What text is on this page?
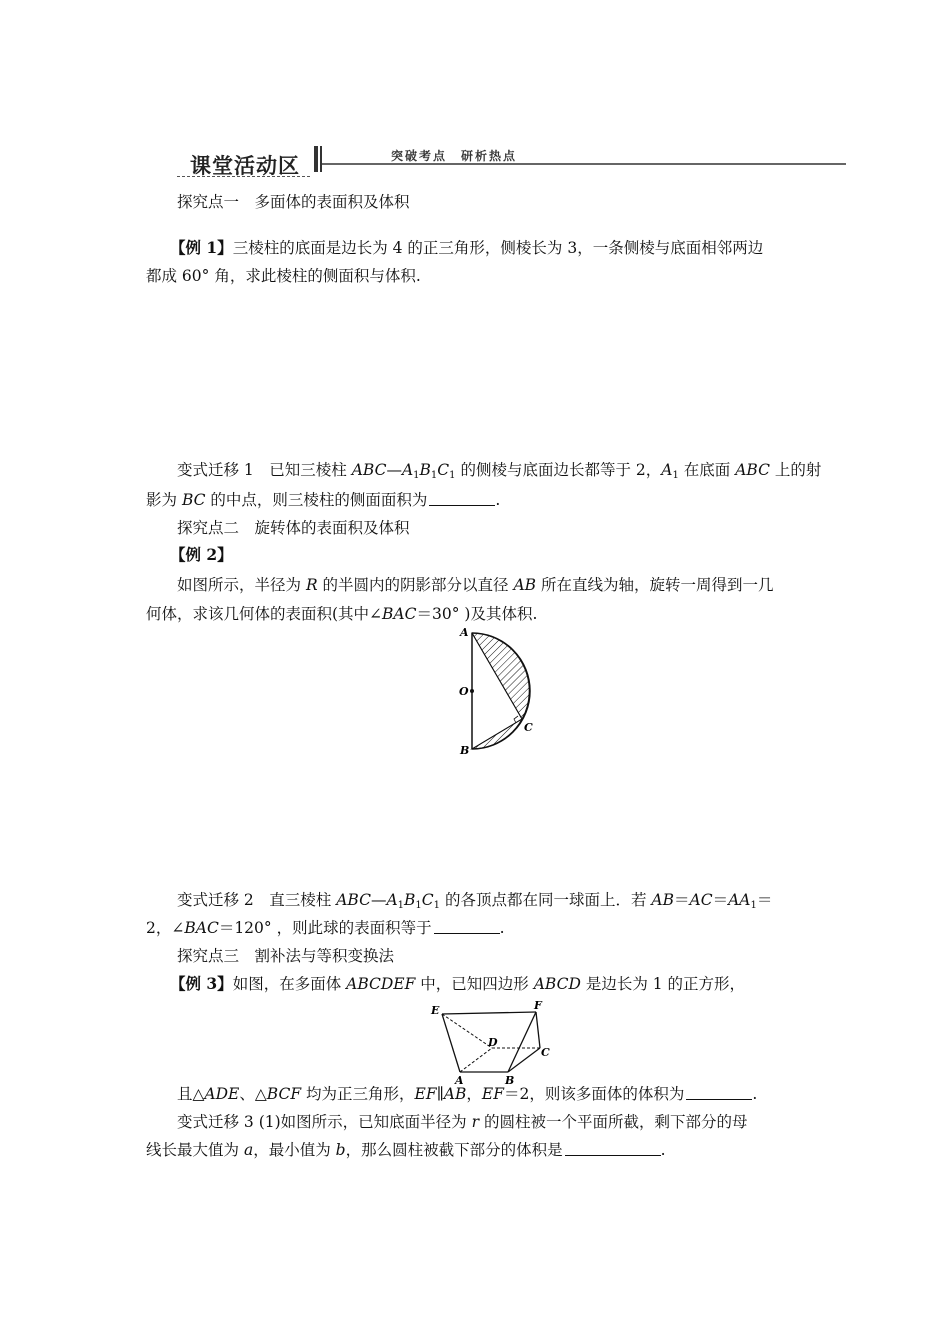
课堂活动区	突破考点　研析热点
探究点一　多面体的表面积及体积
【例 1】三棱柱的底面是边长为 4 的正三角形，侧棱长为 3，一条侧棱与底面相邻两边
都成 60° 角，求此棱柱的侧面积与体积.
变式迁移 1　已知三棱柱 $ABC—A_1B_1C_1$ 的侧棱与底面边长都等于 2，$A_1$ 在底面 ABC 上的射
影为 BC 的中点，则三棱柱的侧面面积为	.
探究点二　旋转体的表面积及体积
【例 2】
如图所示，半径为 R 的半圆内的阴影部分以直径 AB 所在直线为轴，旋转一周得到一几
何体，求该几何体的表面积(其中∠BAC＝30° )及其体积.
A
O
B
C
变式迁移 2　直三棱柱 $ABC—A_1B_1C_1$ 的各顶点都在同一球面上．若 $AB=AC=AA_1=$
2，∠BAC＝120° ，则此球的表面积等于	.
探究点三　割补法与等积变换法
【例 3】如图，在多面体 ABCDEF 中，已知四边形 ABCD 是边长为 1 的正方形，
E	F
D
C
A	B
且△ADE、△BCF 均为正三角形，EF∥AB，EF＝2，则该多面体的体积为	.
变式迁移 3 (1)如图所示，已知底面半径为 r 的圆柱被一个平面所截，剩下部分的母
线长最大值为 a，最小值为 b，那么圆柱被截下部分的体积是	.
